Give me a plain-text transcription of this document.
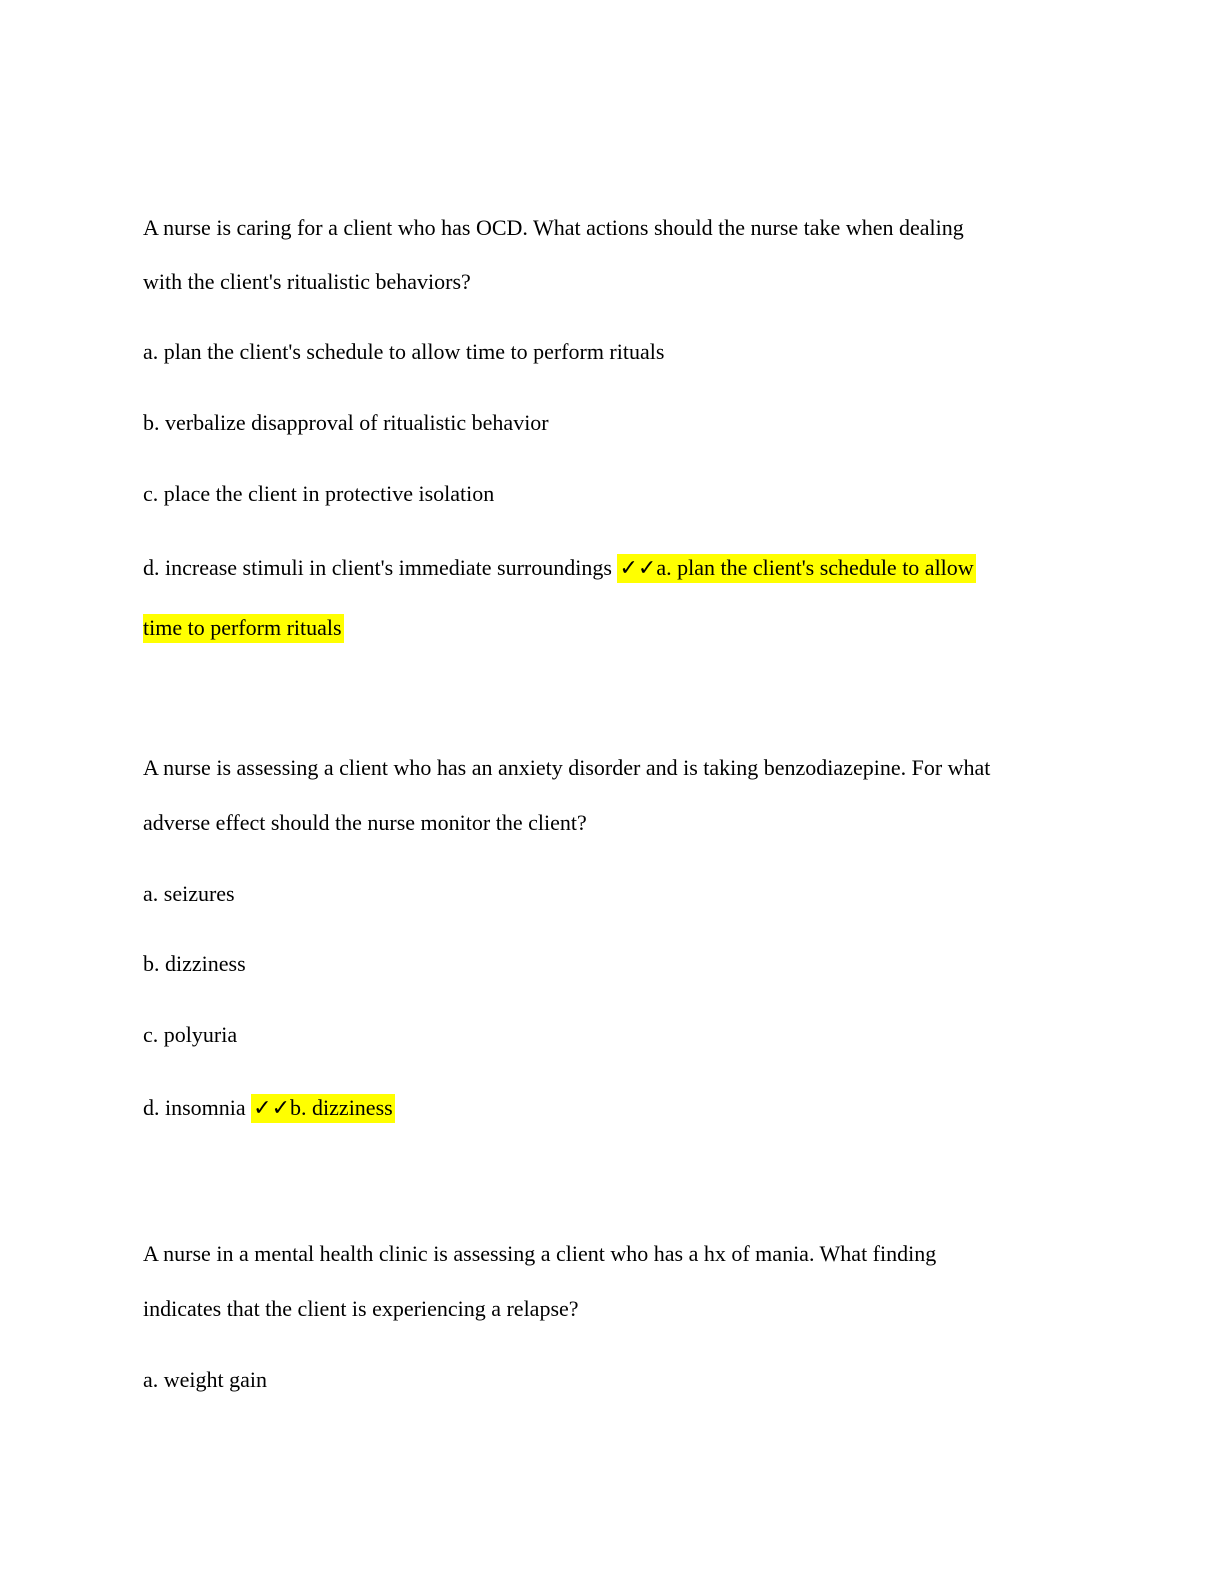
A nurse is caring for a client who has OCD. What actions should the nurse take when dealing
with the client's ritualistic behaviors?
a. plan the client's schedule to allow time to perform rituals
b. verbalize disapproval of ritualistic behavior
c. place the client in protective isolation
d. increase stimuli in client's immediate surroundings ✓✓a. plan the client's schedule to allow
time to perform rituals
A nurse is assessing a client who has an anxiety disorder and is taking benzodiazepine. For what
adverse effect should the nurse monitor the client?
a. seizures
b. dizziness
c. polyuria
d. insomnia ✓✓b. dizziness
A nurse in a mental health clinic is assessing a client who has a hx of mania. What finding
indicates that the client is experiencing a relapse?
a. weight gain
